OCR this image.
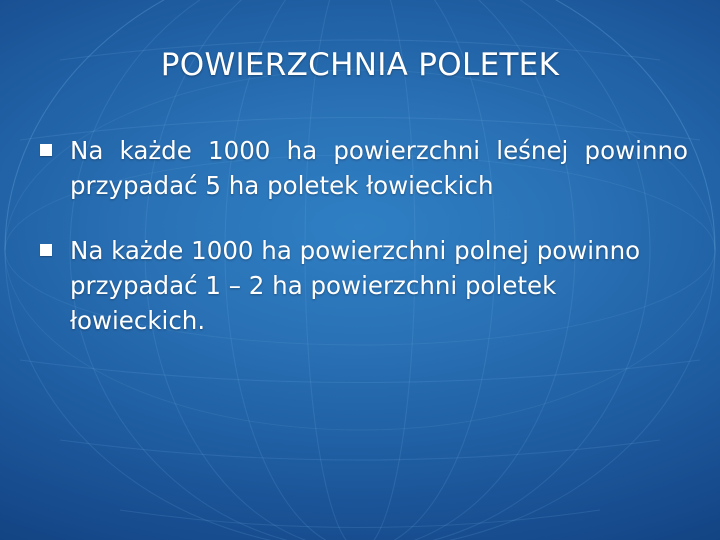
POWIERZCHNIA POLETEK
Na każde 1000 ha powierzchni leśnej powinno przypadać 5 ha poletek łowieckich
Na każde 1000 ha powierzchni polnej powinno przypadać 1 – 2 ha powierzchni poletek łowieckich.
